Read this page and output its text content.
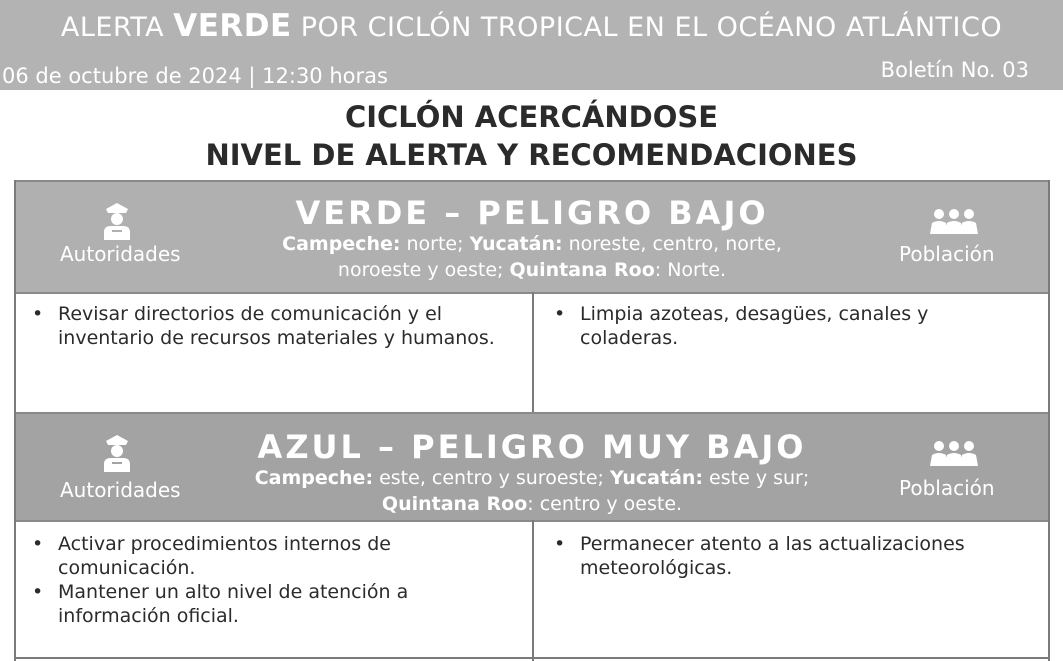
ALERTA VERDE POR CICLÓN TROPICAL EN EL OCÉANO ATLÁNTICO
06 de octubre de 2024 | 12:30 horas	Boletín No. 03
CICLÓN ACERCÁNDOSE
NIVEL DE ALERTA Y RECOMENDACIONES
Autoridades
VERDE – PELIGRO BAJO
Campeche: norte; Yucatán: noreste, centro, norte,
noroeste y oeste; Quintana Roo: Norte.
Población
• Revisar directorios de comunicación y el inventario de recursos materiales y humanos.
• Limpia azoteas, desagües, canales y coladeras.
Autoridades
AZUL – PELIGRO MUY BAJO
Campeche: este, centro y suroeste; Yucatán: este y sur;
Quintana Roo: centro y oeste.
Población
• Activar procedimientos internos de comunicación.
• Mantener un alto nivel de atención a información oficial.
• Permanecer atento a las actualizaciones meteorológicas.
